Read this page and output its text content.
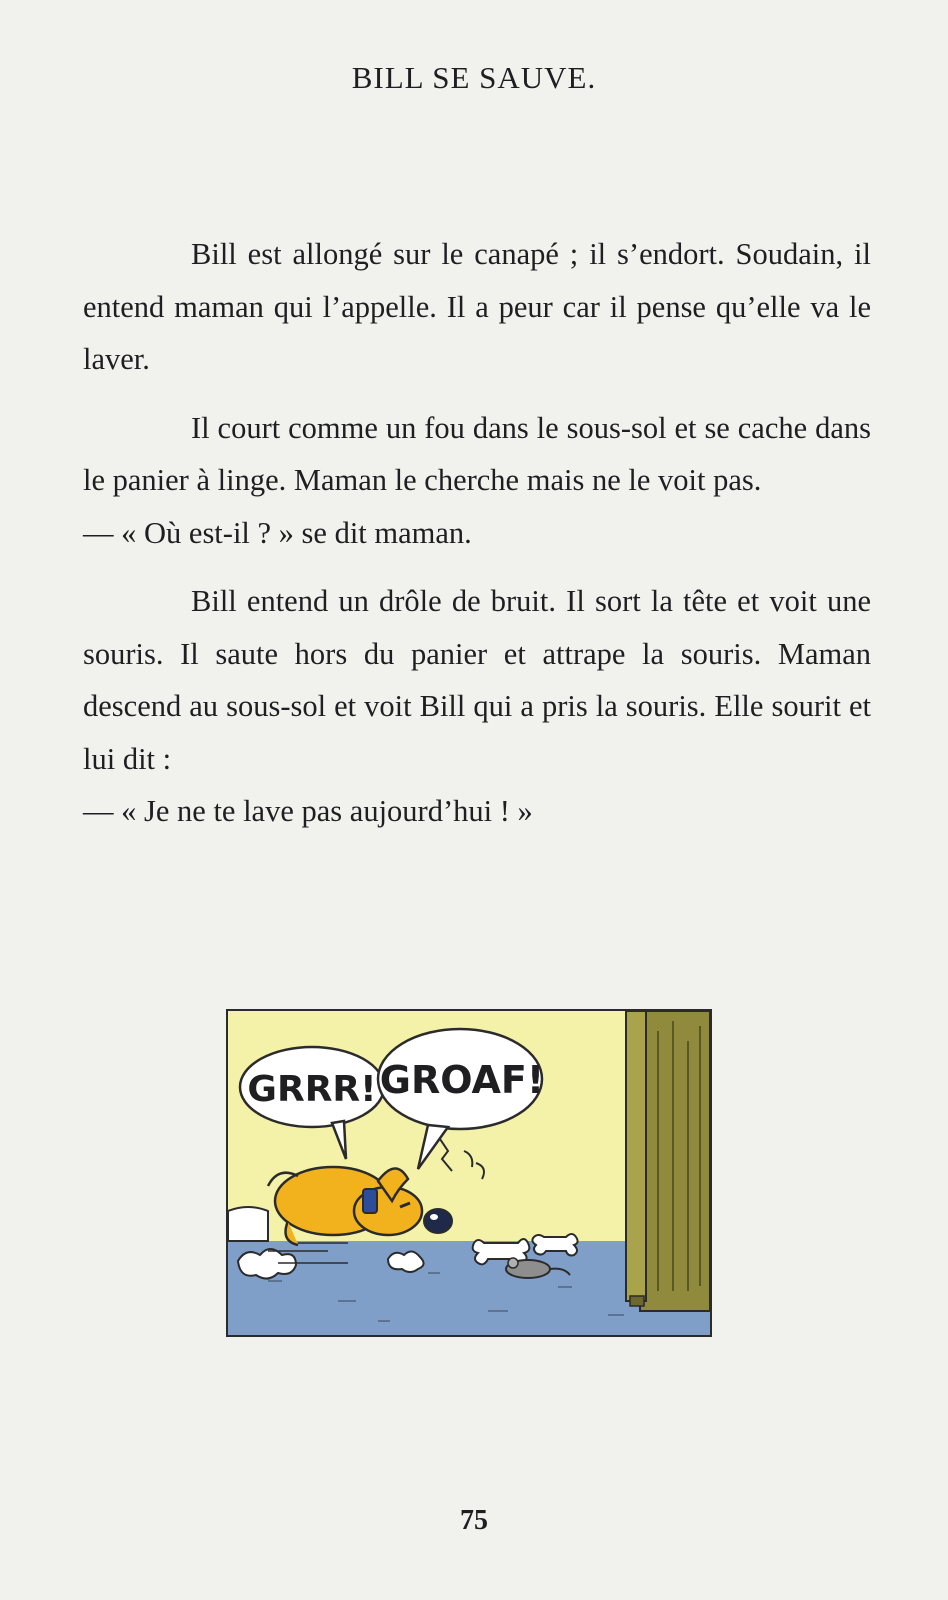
BILL SE SAUVE.

Bill est allongé sur le canapé ; il s’endort. Soudain, il entend maman qui l’appelle. Il a peur car il pense qu’elle va le laver.

Il court comme un fou dans le sous-sol et se cache dans le panier à linge. Maman le cherche mais ne le voit pas.

— « Où est-il ? » se dit maman.

Bill entend un drôle de bruit. Il sort la tête et voit une souris. Il saute hors du panier et attrape la souris. Maman descend au sous-sol et voit Bill qui a pris la souris. Elle sourit et lui dit :

— « Je ne te lave pas aujourd’hui ! »

GRRR! GROAF!
75
